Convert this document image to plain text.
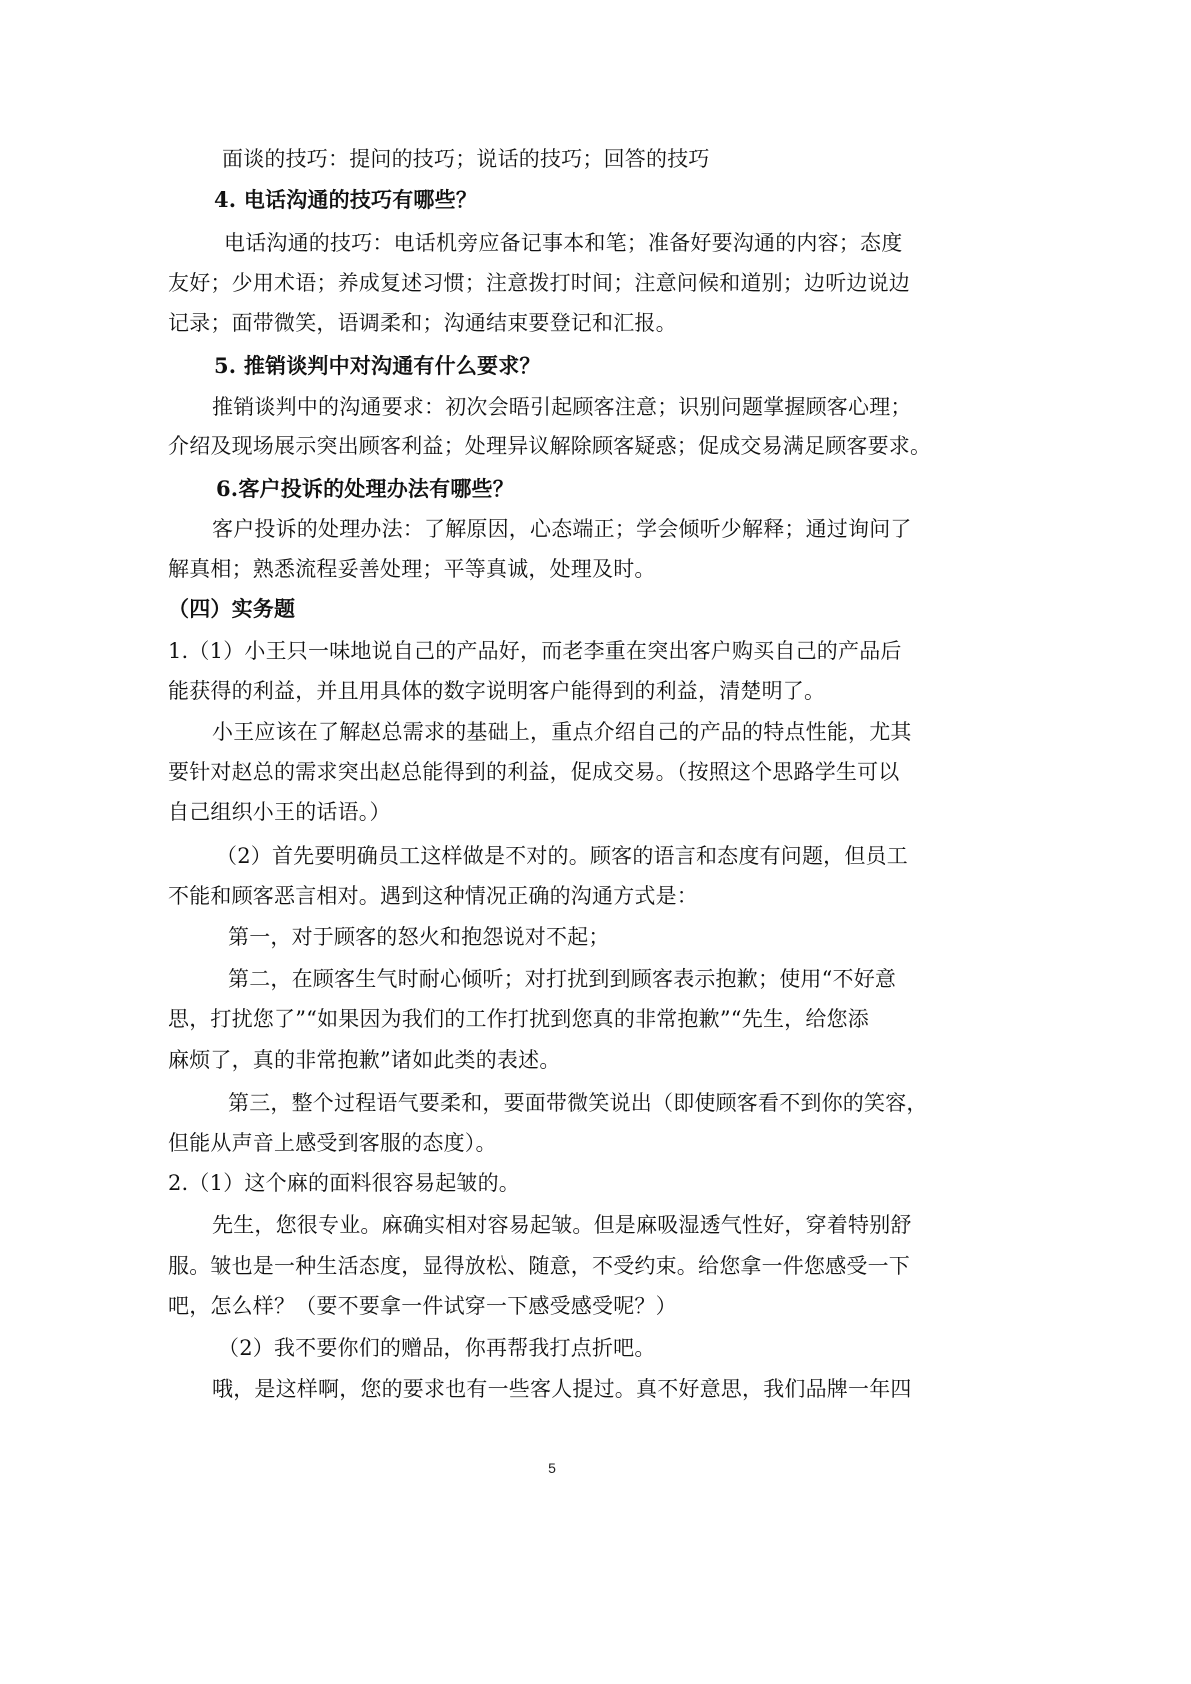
面谈的技巧：提问的技巧；说话的技巧；回答的技巧
4. 电话沟通的技巧有哪些？
电话沟通的技巧：电话机旁应备记事本和笔；准备好要沟通的内容；态度
友好；少用术语；养成复述习惯；注意拨打时间；注意问候和道别；边听边说边
记录；面带微笑，语调柔和；沟通结束要登记和汇报。
5. 推销谈判中对沟通有什么要求？
推销谈判中的沟通要求：初次会晤引起顾客注意；识别问题掌握顾客心理；
介绍及现场展示突出顾客利益；处理异议解除顾客疑惑；促成交易满足顾客要求。
6.客户投诉的处理办法有哪些？
客户投诉的处理办法：了解原因，心态端正；学会倾听少解释；通过询问了
解真相；熟悉流程妥善处理；平等真诚，处理及时。
（四）实务题
1.（1）小王只一味地说自己的产品好，而老李重在突出客户购买自己的产品后
能获得的利益，并且用具体的数字说明客户能得到的利益，清楚明了。
小王应该在了解赵总需求的基础上，重点介绍自己的产品的特点性能，尤其
要针对赵总的需求突出赵总能得到的利益，促成交易。（按照这个思路学生可以
自己组织小王的话语。）
（2）首先要明确员工这样做是不对的。顾客的语言和态度有问题，但员工
不能和顾客恶言相对。遇到这种情况正确的沟通方式是：
第一，对于顾客的怒火和抱怨说对不起；
第二，在顾客生气时耐心倾听；对打扰到到顾客表示抱歉；使用“不好意
思，打扰您了”“如果因为我们的工作打扰到您真的非常抱歉”“先生，给您添
麻烦了，真的非常抱歉”诸如此类的表述。
第三，整个过程语气要柔和，要面带微笑说出（即使顾客看不到你的笑容，
但能从声音上感受到客服的态度）。
2.（1）这个麻的面料很容易起皱的。
先生，您很专业。麻确实相对容易起皱。但是麻吸湿透气性好，穿着特别舒
服。皱也是一种生活态度，显得放松、随意，不受约束。给您拿一件您感受一下
吧，怎么样？（要不要拿一件试穿一下感受感受呢？）
（2）我不要你们的赠品，你再帮我打点折吧。
哦，是这样啊，您的要求也有一些客人提过。真不好意思，我们品牌一年四
5
